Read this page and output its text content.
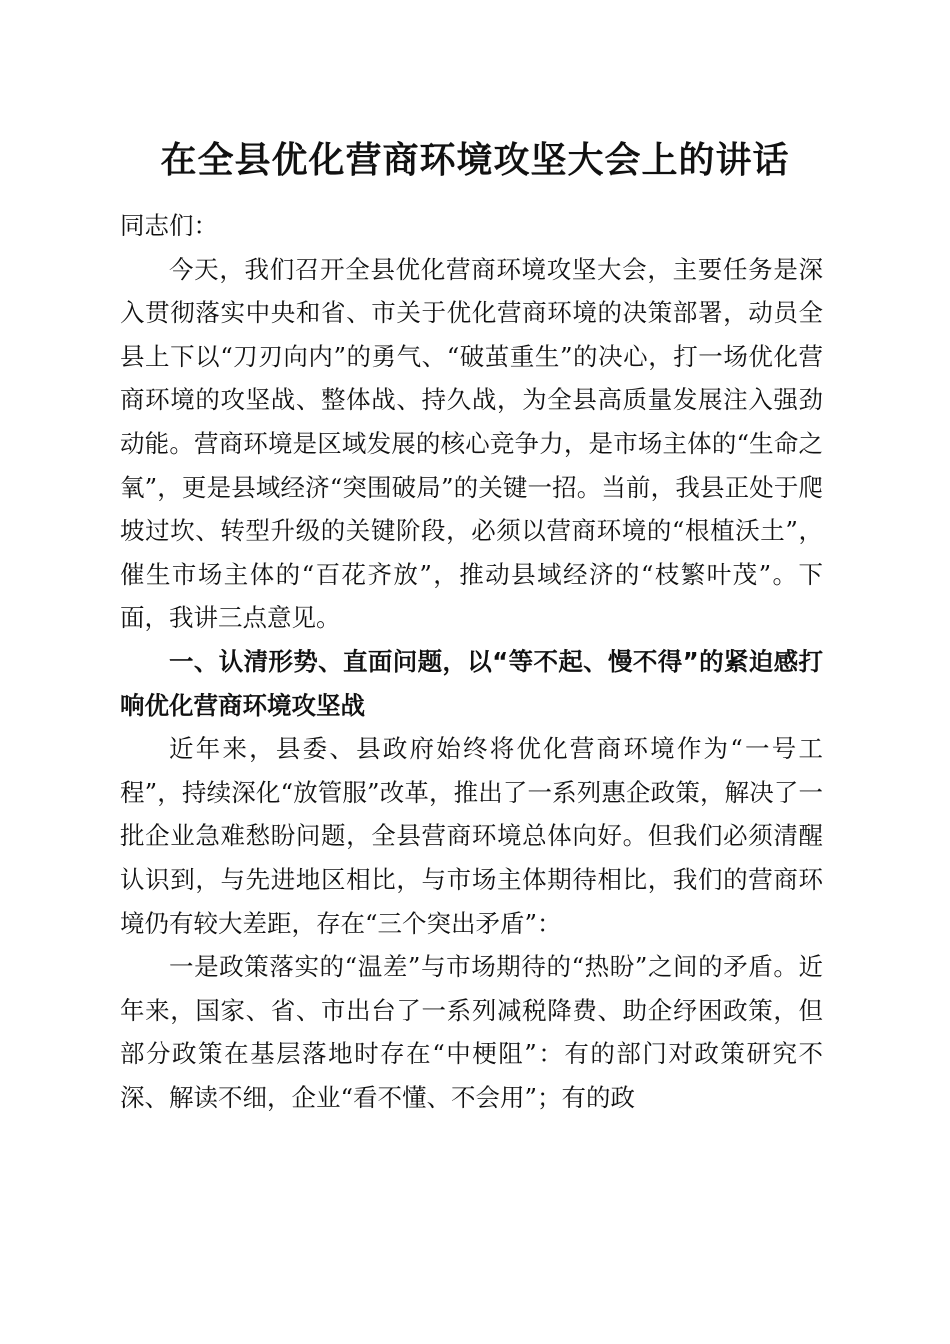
在全县优化营商环境攻坚大会上的讲话

同志们：

今天，我们召开全县优化营商环境攻坚大会，主要任务是深入贯彻落实中央和省、市关于优化营商环境的决策部署，动员全县上下以“刀刃向内”的勇气、“破茧重生”的决心，打一场优化营商环境的攻坚战、整体战、持久战，为全县高质量发展注入强劲动能。营商环境是区域发展的核心竞争力，是市场主体的“生命之氧”，更是县域经济“突围破局”的关键一招。当前，我县正处于爬坡过坎、转型升级的关键阶段，必须以营商环境的“根植沃土”，催生市场主体的“百花齐放”，推动县域经济的“枝繁叶茂”。下面，我讲三点意见。

一、认清形势、直面问题，以“等不起、慢不得”的紧迫感打响优化营商环境攻坚战

近年来，县委、县政府始终将优化营商环境作为“一号工程”，持续深化“放管服”改革，推出了一系列惠企政策，解决了一批企业急难愁盼问题，全县营商环境总体向好。但我们必须清醒认识到，与先进地区相比，与市场主体期待相比，我们的营商环境仍有较大差距，存在“三个突出矛盾”：

一是政策落实的“温差”与市场期待的“热盼”之间的矛盾。近年来，国家、省、市出台了一系列减税降费、助企纾困政策，但部分政策在基层落地时存在“中梗阻”：有的部门对政策研究不深、解读不细，企业“看不懂、不会用”；有的政
